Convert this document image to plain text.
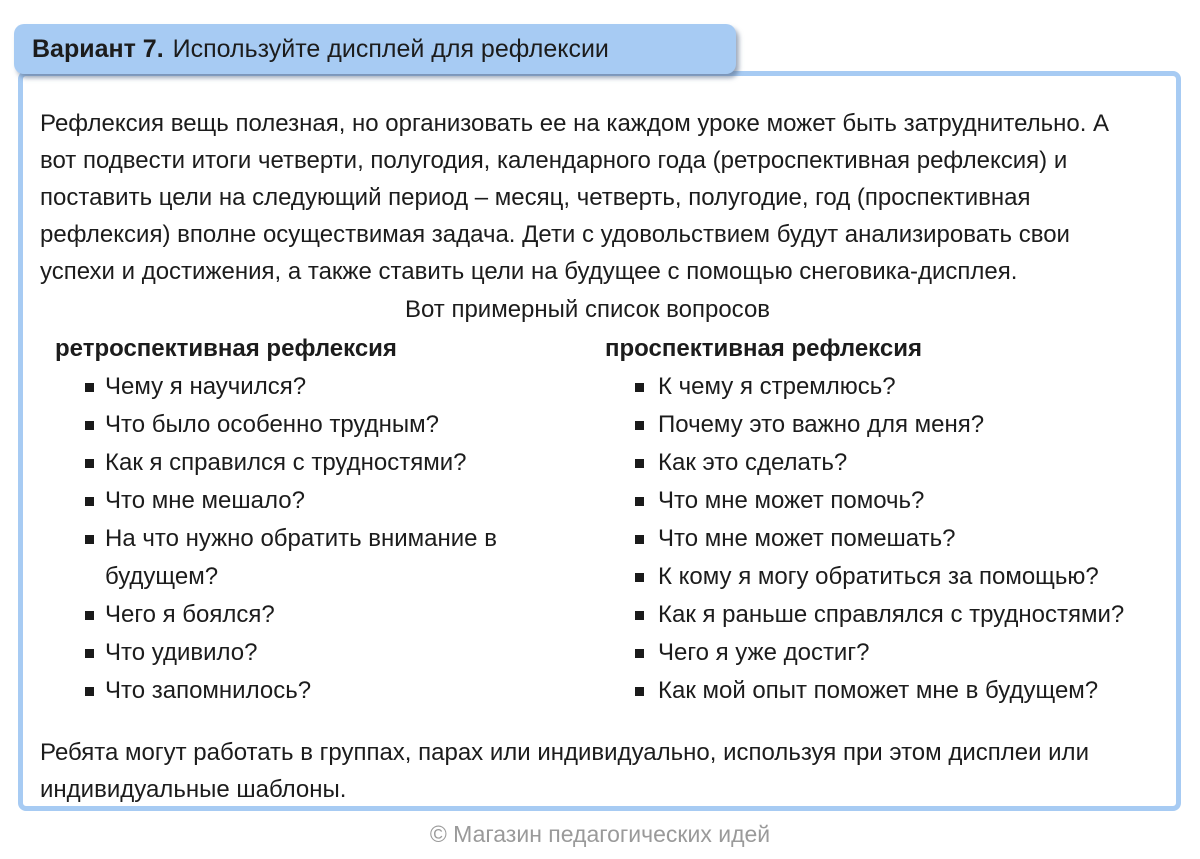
Вариант 7. Используйте дисплей для рефлексии

Рефлексия вещь полезная, но организовать ее на каждом уроке может быть затруднительно. А вот подвести итоги четверти, полугодия, календарного года (ретроспективная рефлексия) и поставить цели на следующий период – месяц, четверть, полугодие, год (проспективная рефлексия) вполне осуществимая задача. Дети с удовольствием будут анализировать свои успехи и достижения, а также ставить цели на будущее с помощью снеговика-дисплея.

Вот примерный список вопросов
ретроспективная рефлексия
Чему я научился?
Что было особенно трудным?
Как я справился с трудностями?
Что мне мешало?
На что нужно обратить внимание в будущем?
Чего я боялся?
Что удивило?
Что запомнилось?
проспективная рефлексия
К чему я стремлюсь?
Почему это важно для меня?
Как это сделать?
Что мне может помочь?
Что мне может помешать?
К кому я могу обратиться за помощью?
Как я раньше справлялся с трудностями?
Чего я уже достиг?
Как мой опыт поможет мне в будущем?

Ребята могут работать в группах, парах или индивидуально, используя при этом дисплеи или индивидуальные шаблоны.

© Магазин педагогических идей
